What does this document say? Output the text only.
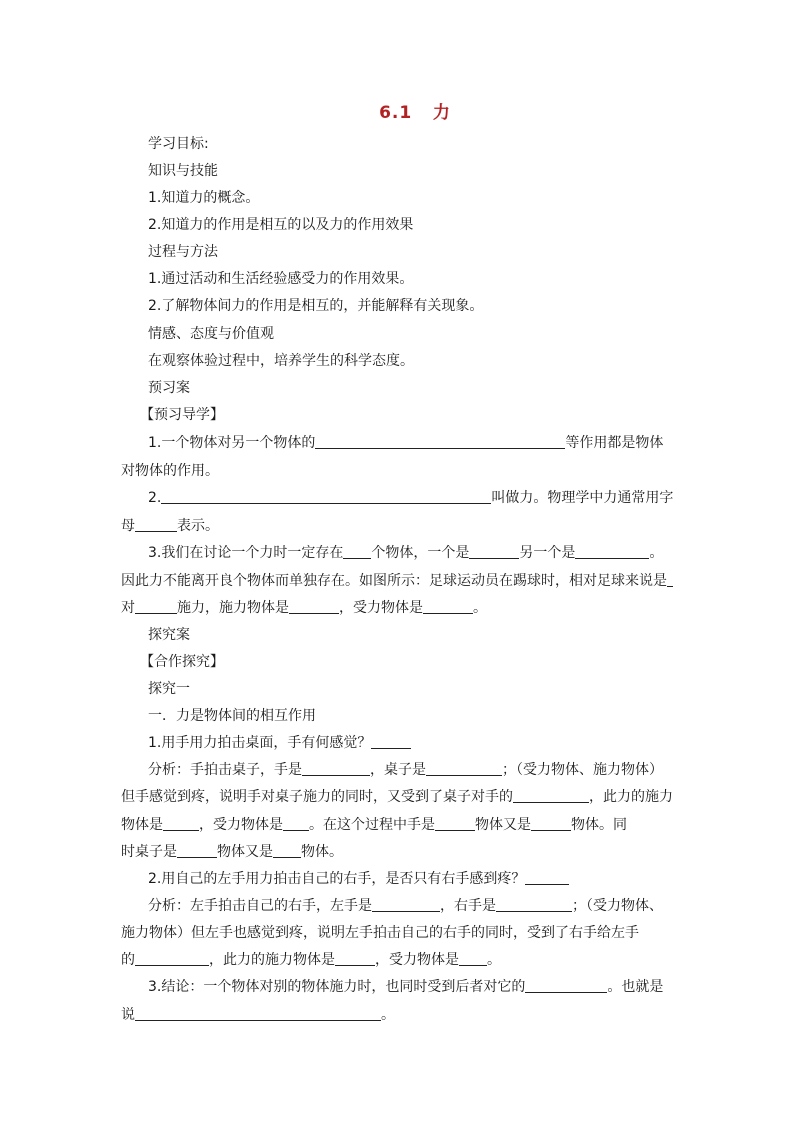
6.1   力
学习目标:
知识与技能
1.知道力的概念。
2.知道力的作用是相互的以及力的作用效果
过程与方法
1.通过活动和生活经验感受力的作用效果。
2.了解物体间力的作用是相互的，并能解释有关现象。
情感、态度与价值观
在观察体验过程中，培养学生的科学态度。
预习案
【预习导学】
1.一个物体对另一个物体的	等作用都是物体
对物体的作用。
2.	叫做力。物理学中力通常用字
母	表示。
3.我们在讨论一个力时一定存在 个物体，一个是	另一个是	。
因此力不能离开良个物体而单独存在。如图所示：足球运动员在踢球时，相对足球来说是
对	施力，施力物体是	，受力物体是	。
探究案
【合作探究】
探究一
一．力是物体间的相互作用
1.用手用力拍击桌面，手有何感觉？
分析：手拍击桌子，手是	，桌子是	；（受力物体、施力物体）
但手感觉到疼，说明手对桌子施力的同时，又受到了桌子对手的	，此力的施力
物体是	，受力物体是 。在这个过程中手是	物体又是	物体。同
时桌子是	物体又是 物体。
2.用自己的左手用力拍击自己的右手，是否只有右手感到疼？
分析：左手拍击自己的右手，左手是	，右手是	；（受力物体、
施力物体）但左手也感觉到疼，说明左手拍击自己的右手的同时，受到了右手给左手
的	，此力的施力物体是	，受力物体是 。
3.结论：一个物体对别的物体施力时，也同时受到后者对它的	。也就是
说	。
